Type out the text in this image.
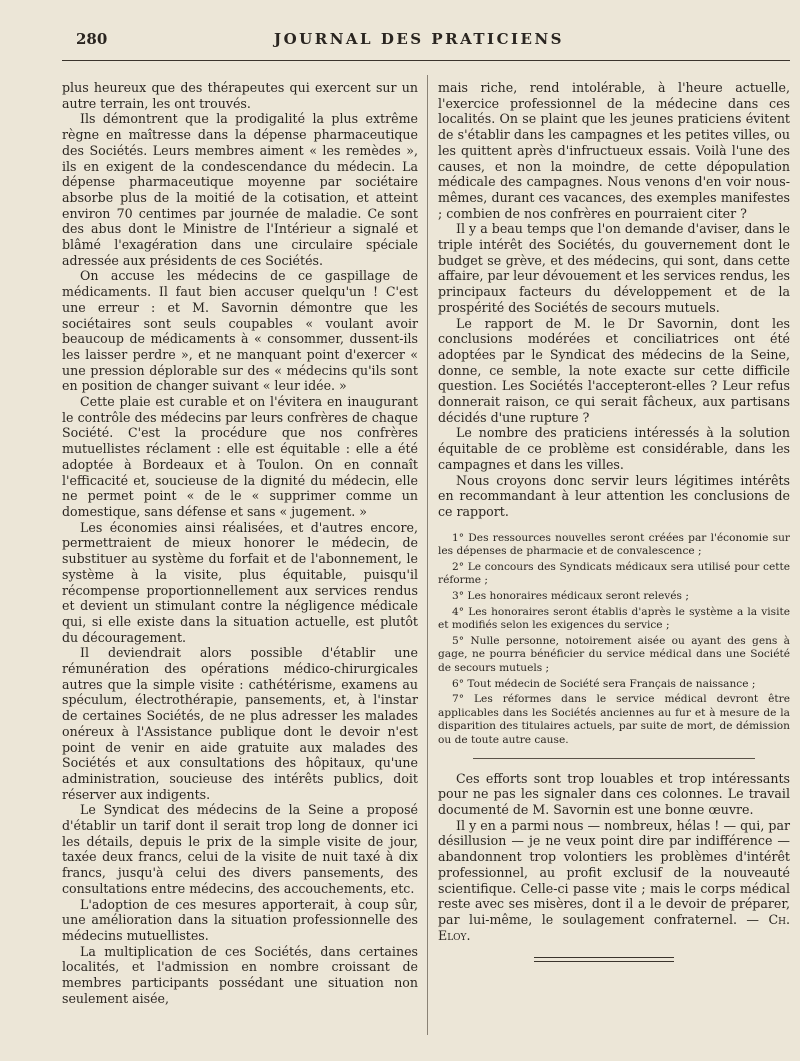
280	JOURNAL DES PRATICIENS

plus heureux que des thérapeutes qui exercent sur un autre terrain, les ont trouvés.

Ils démontrent que la prodigalité la plus extrême règne en maîtresse dans la dépense pharmaceutique des Sociétés. Leurs membres aiment « les remèdes », ils en exigent de la condescendance du médecin. La dépense pharmaceutique moyenne par sociétaire absorbe plus de la moitié de la cotisation, et atteint environ 70 centimes par journée de maladie. Ce sont des abus dont le Ministre de l'Intérieur a signalé et blâmé l'exagération dans une circulaire spéciale adressée aux présidents de ces Sociétés.

On accuse les médecins de ce gaspillage de médicaments. Il faut bien accuser quelqu'un ! C'est une erreur : et M. Savornin démontre que les sociétaires sont seuls coupables « voulant avoir beaucoup de médicaments à « consommer, dussent-ils les laisser perdre », et ne manquant point d'exercer « une pression déplorable sur des « médecins qu'ils sont en position de changer suivant « leur idée. »

Cette plaie est curable et on l'évitera en inaugurant le contrôle des médecins par leurs confrères de chaque Société. C'est la procédure que nos confrères mutuellistes réclament : elle est équitable : elle a été adoptée à Bordeaux et à Toulon. On en connaît l'efficacité et, soucieuse de la dignité du médecin, elle ne permet point « de le « supprimer comme un domestique, sans défense et sans « jugement. »

Les économies ainsi réalisées, et d'autres encore, permettraient de mieux honorer le médecin, de substituer au système du forfait et de l'abonnement, le système à la visite, plus équitable, puisqu'il récompense proportionnellement aux services rendus et devient un stimulant contre la négligence médicale qui, si elle existe dans la situation actuelle, est plutôt du découragement.

Il deviendrait alors possible d'établir une rémunération des opérations médico-chirurgicales autres que la simple visite : cathétérisme, examens au spéculum, électrothérapie, pansements, et, à l'instar de certaines Sociétés, de ne plus adresser les malades onéreux à l'Assistance publique dont le devoir n'est point de venir en aide gratuite aux malades des Sociétés et aux consultations des hôpitaux, qu'une administration, soucieuse des intérêts publics, doit réserver aux indigents.

Le Syndicat des médecins de la Seine a proposé d'établir un tarif dont il serait trop long de donner ici les détails, depuis le prix de la simple visite de jour, taxée deux francs, celui de la visite de nuit taxé à dix francs, jusqu'à celui des divers pansements, des consultations entre médecins, des accouchements, etc.

L'adoption de ces mesures apporterait, à coup sûr, une amélioration dans la situation professionnelle des médecins mutuellistes.

La multiplication de ces Sociétés, dans certaines localités, et l'admission en nombre croissant de membres participants possédant une situation non seulement aisée,

mais riche, rend intolérable, à l'heure actuelle, l'exercice professionnel de la médecine dans ces localités. On se plaint que les jeunes praticiens évitent de s'établir dans les campagnes et les petites villes, ou les quittent après d'infructueux essais. Voilà l'une des causes, et non la moindre, de cette dépopulation médicale des campagnes. Nous venons d'en voir nous-mêmes, durant ces vacances, des exemples manifestes ; combien de nos confrères en pourraient citer ?

Il y a beau temps que l'on demande d'aviser, dans le triple intérêt des Sociétés, du gouvernement dont le budget se grève, et des médecins, qui sont, dans cette affaire, par leur dévouement et les services rendus, les principaux facteurs du développement et de la prospérité des Sociétés de secours mutuels.

Le rapport de M. le Dr Savornin, dont les conclusions modérées et conciliatrices ont été adoptées par le Syndicat des médecins de la Seine, donne, ce semble, la note exacte sur cette difficile question. Les Sociétés l'accepteront-elles ? Leur refus donnerait raison, ce qui serait fâcheux, aux partisans décidés d'une rupture ?

Le nombre des praticiens intéressés à la solution équitable de ce problème est considérable, dans les campagnes et dans les villes.

Nous croyons donc servir leurs légitimes intérêts en recommandant à leur attention les conclusions de ce rapport.

1° Des ressources nouvelles seront créées par l'économie sur les dépenses de pharmacie et de convalescence ;

2° Le concours des Syndicats médicaux sera utilisé pour cette réforme ;

3° Les honoraires médicaux seront relevés ;

4° Les honoraires seront établis d'après le système a la visite et modifiés selon les exigences du service ;

5° Nulle personne, notoirement aisée ou ayant des gens à gage, ne pourra bénéficier du service médical dans une Société de secours mutuels ;

6° Tout médecin de Société sera Français de naissance ;

7° Les réformes dans le service médical devront être applicables dans les Sociétés anciennes au fur et à mesure de la disparition des titulaires actuels, par suite de mort, de démission ou de toute autre cause.

Ces efforts sont trop louables et trop intéressants pour ne pas les signaler dans ces colonnes. Le travail documenté de M. Savornin est une bonne œuvre.

Il y en a parmi nous — nombreux, hélas ! — qui, par désillusion — je ne veux point dire par indifférence — abandonnent trop volontiers les problèmes d'intérêt professionnel, au profit exclusif de la nouveauté scientifique. Celle-ci passe vite ; mais le corps médical reste avec ses misères, dont il a le devoir de préparer, par lui-même, le soulagement confraternel. — Ch. Eloy.
